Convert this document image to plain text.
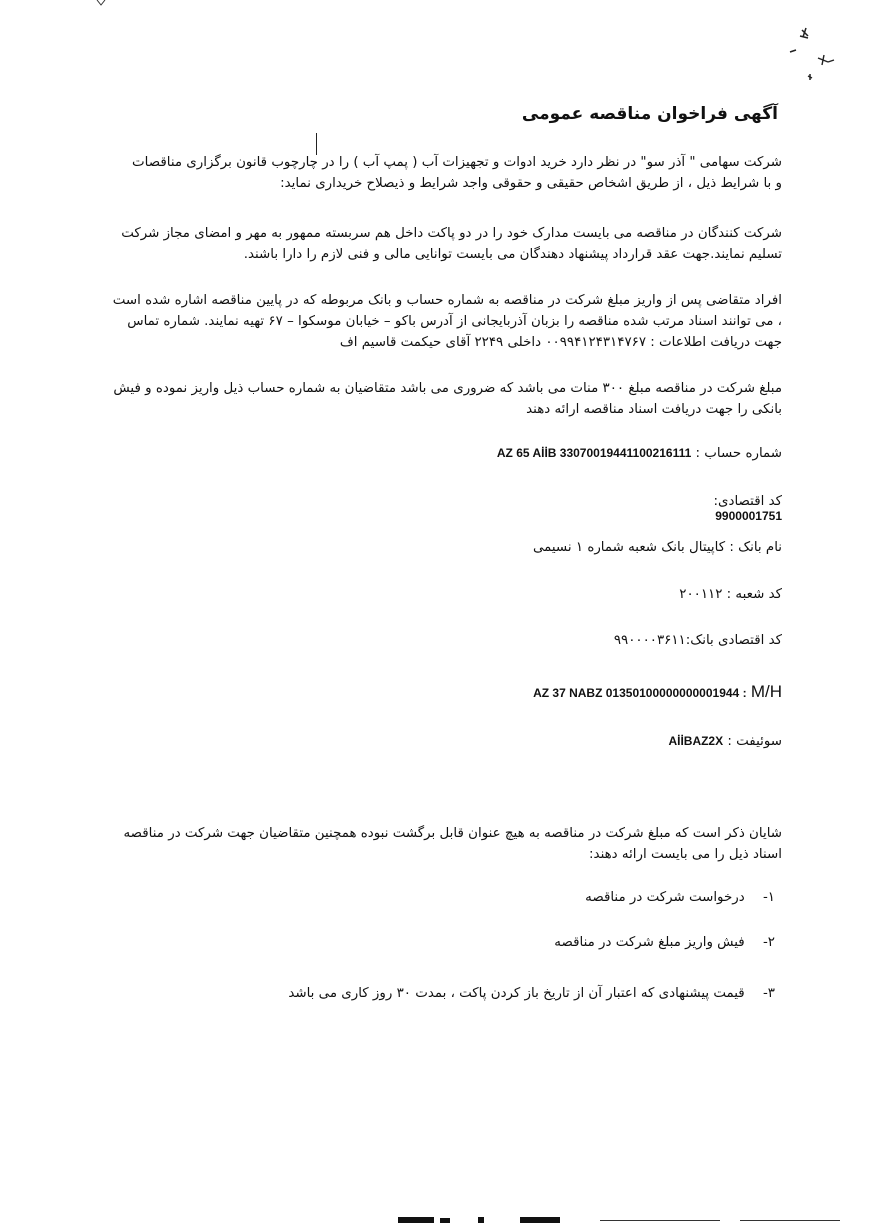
آگهی فراخوان مناقصه عمومی
شرکت سهامی " آذر سو" در نظر دارد خرید ادوات و تجهیزات آب ( پمپ آب ) را در چارچوب قانون برگزاری مناقصات
و با شرایط ذیل ، از طریق اشخاص حقیقی و حقوقی واجد شرایط و ذیصلاح خریداری نماید:
شرکت کنندگان در مناقصه می بایست مدارک خود را در دو پاکت داخل هم سربسته ممهور به مهر و امضای مجاز شرکت
تسلیم نمایند.جهت عقد قرارداد پیشنهاد دهندگان می بایست توانایی مالی و فنی لازم را دارا باشند.
افراد متقاضی پس از واریز مبلغ شرکت در مناقصه به شماره حساب و بانک مربوطه که در پایین مناقصه اشاره شده است
، می توانند اسناد مرتب شده مناقصه را بزبان آذربایجانی از آدرس باکو – خیابان موسکوا – ۶۷ تهیه نمایند. شماره تماس
جهت دریافت اطلاعات : ۰۰۹۹۴۱۲۴۳۱۴۷۶۷ داخلی ۲۲۴۹ آقای حیکمت قاسیم اف
مبلغ شرکت در مناقصه مبلغ ۳۰۰ منات می باشد که ضروری می باشد متقاضیان به شماره حساب ذیل واریز نموده و فیش
بانکی را جهت دریافت اسناد مناقصه ارائه دهند
شماره حساب : AZ 65 AİİB 33070019441100216111
کد اقتصادی:
9900001751
نام بانک : کاپیتال بانک شعبه شماره ۱ نسیمی
کد شعبه : ۲۰۰۱۱۲
کد اقتصادی بانک:۹۹۰۰۰۰۳۶۱۱
AZ 37 NABZ 01350100000000001944 : M/H
سوئیفت : AİİBAZ2X
شایان ذکر است که مبلغ شرکت در مناقصه به هیچ عنوان قابل برگشت نبوده همچنین متقاضیان جهت شرکت در مناقصه
اسناد ذیل را می بایست ارائه دهند:
۱- درخواست شرکت در مناقصه
۲- فیش واریز مبلغ شرکت در مناقصه
۳- قیمت پیشنهادی که اعتبار آن از تاریخ باز کردن پاکت ، بمدت ۳۰ روز کاری می باشد
